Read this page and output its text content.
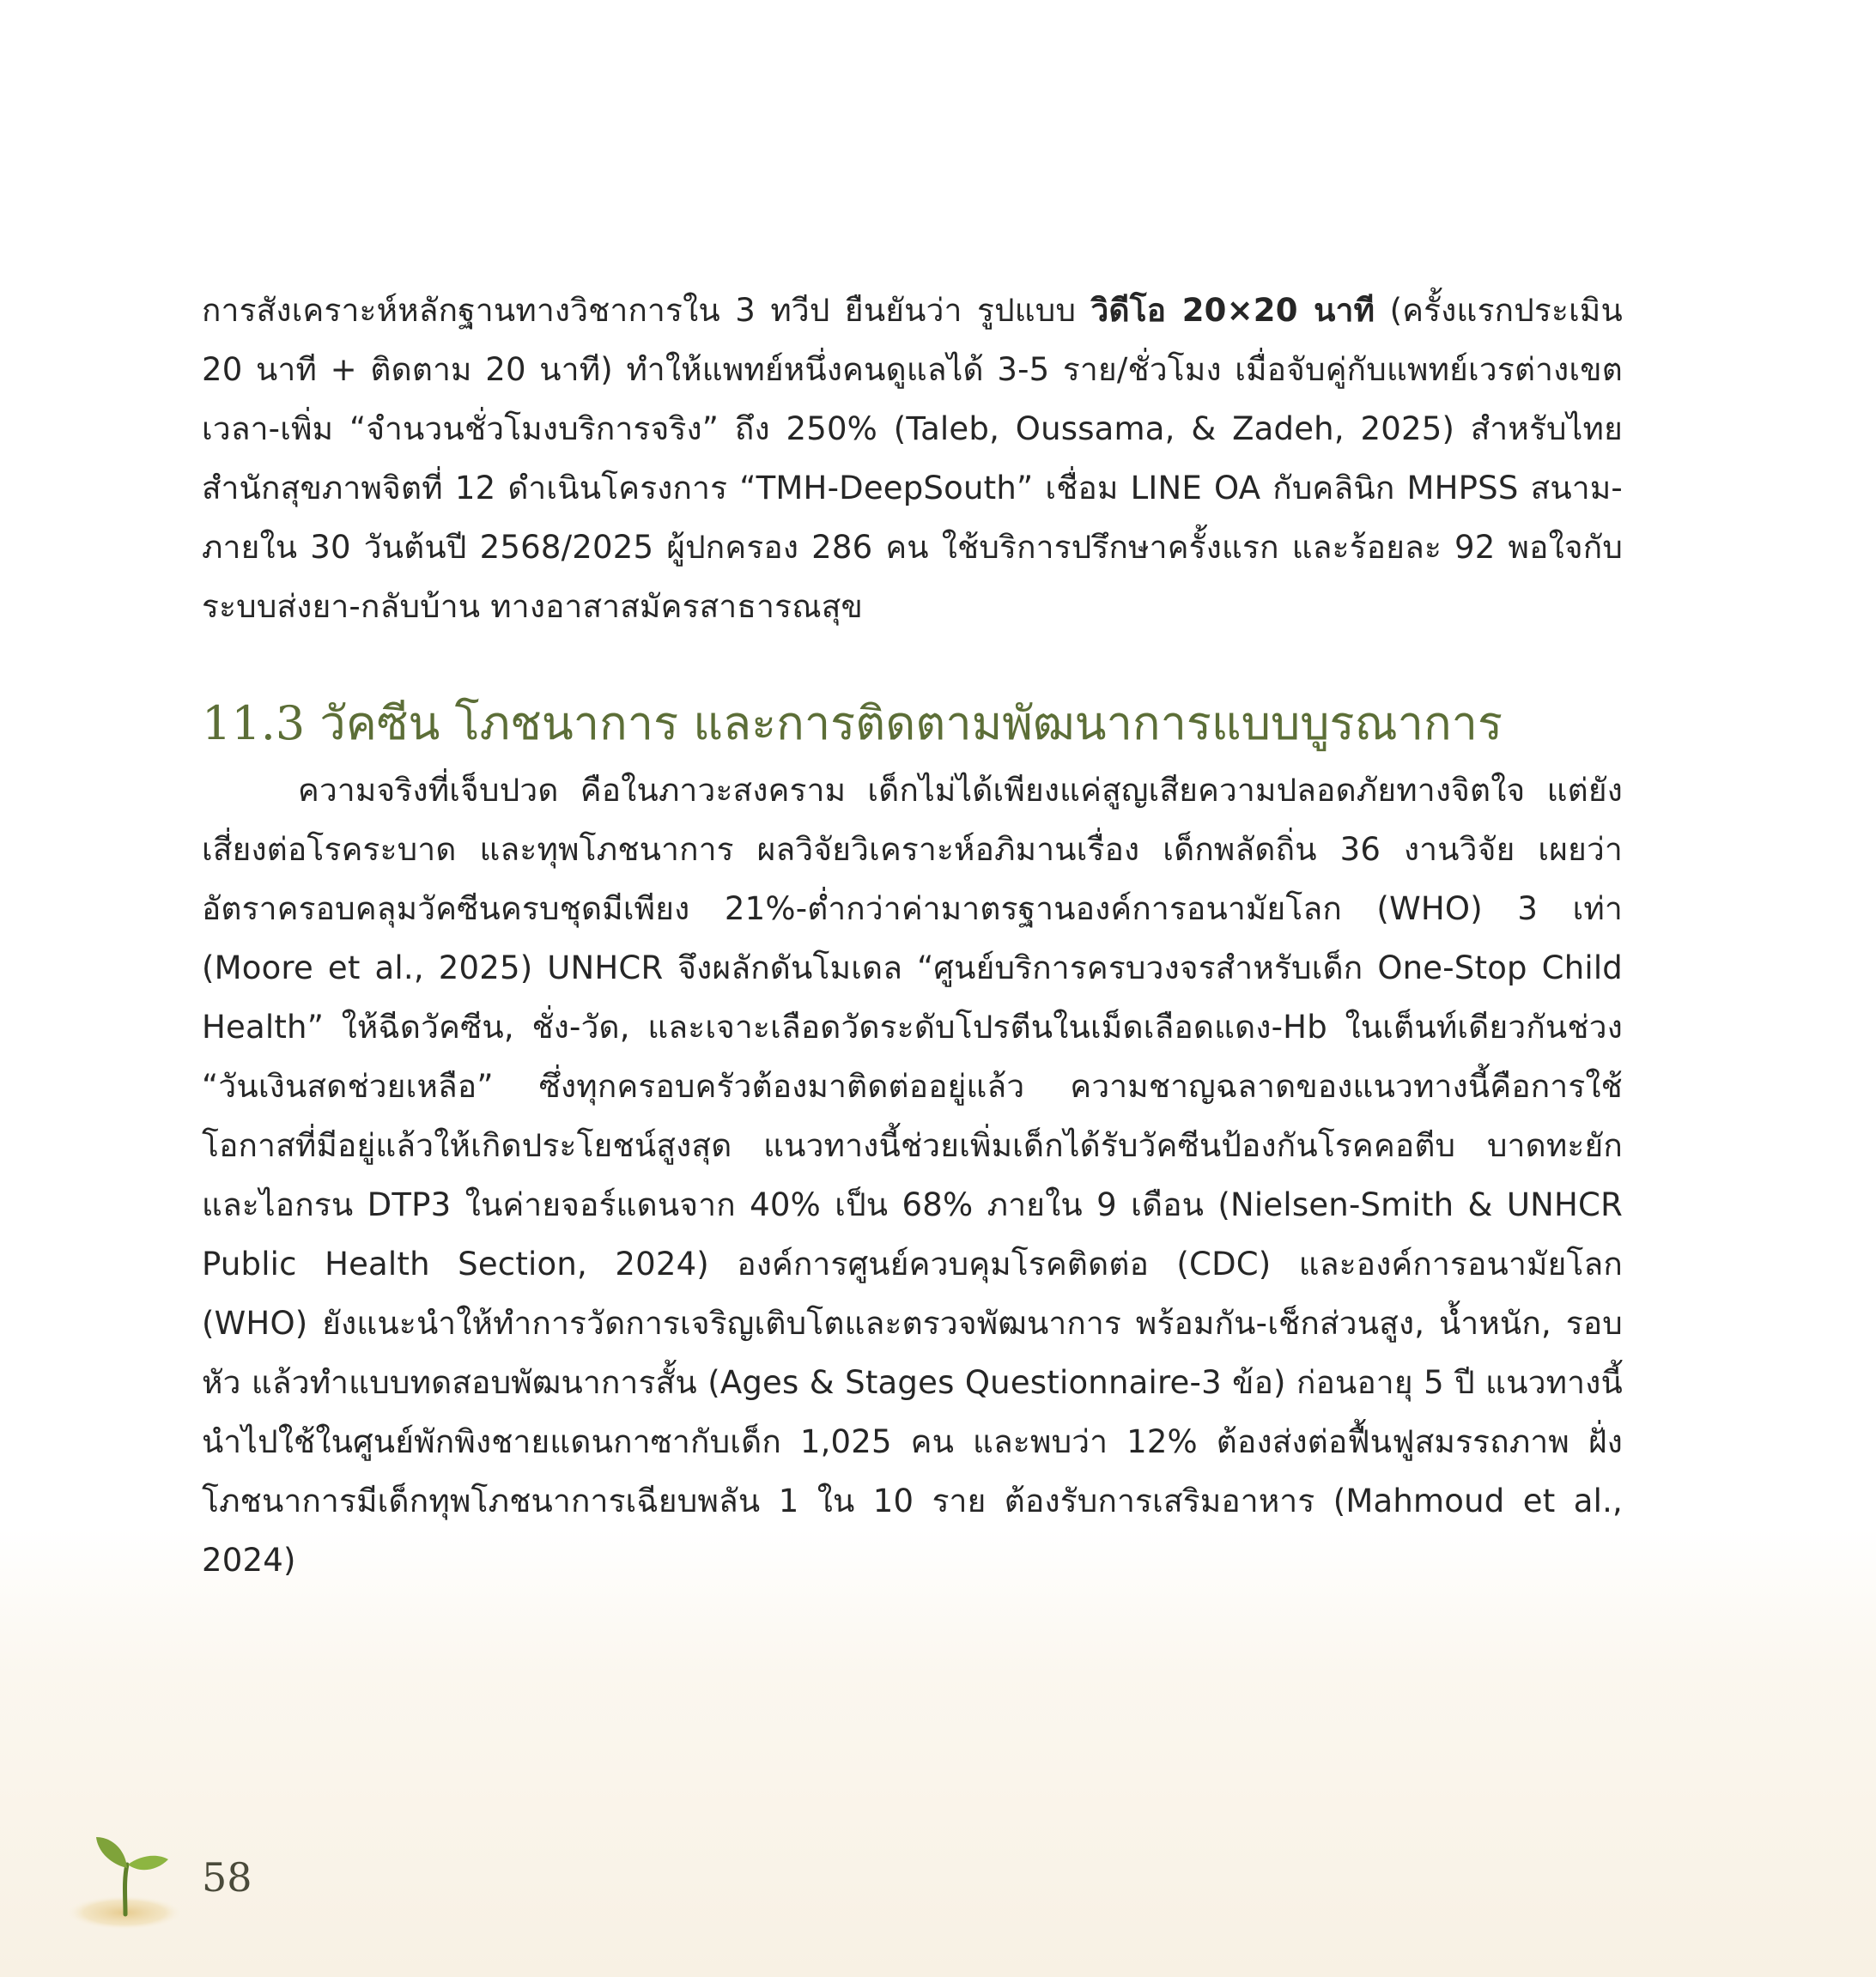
การสังเคราะห์หลักฐานทางวิชาการใน 3 ทวีป ยืนยันว่า รูปแบบ วิดีโอ 20×20 นาที (ครั้งแรกประเมิน 20 นาที + ติดตาม 20 นาที) ทำให้แพทย์หนึ่งคนดูแลได้ 3-5 ราย/ชั่วโมง เมื่อจับคู่กับแพทย์เวรต่างเขตเวลา-เพิ่ม “จำนวนชั่วโมงบริการจริง” ถึง 250% (Taleb, Oussama, & Zadeh, 2025) สำหรับไทย สำนักสุขภาพจิตที่ 12 ดำเนินโครงการ “TMH-DeepSouth” เชื่อม LINE OA กับคลินิก MHPSS สนาม-ภายใน 30 วันต้นปี 2568/2025 ผู้ปกครอง 286 คน ใช้บริการปรึกษาครั้งแรก และร้อยละ 92 พอใจกับระบบส่งยา-กลับบ้าน ทางอาสาสมัครสาธารณสุข

11.3 วัคซีน โภชนาการ และการติดตามพัฒนาการแบบบูรณาการ

ความจริงที่เจ็บปวด คือในภาวะสงคราม เด็กไม่ได้เพียงแค่สูญเสียความปลอดภัยทางจิตใจ แต่ยังเสี่ยงต่อโรคระบาด และทุพโภชนาการ ผลวิจัยวิเคราะห์อภิมานเรื่อง เด็กพลัดถิ่น 36 งานวิจัย เผยว่า อัตราครอบคลุมวัคซีนครบชุดมีเพียง 21%-ต่ำกว่าค่ามาตรฐานองค์การอนามัยโลก (WHO) 3 เท่า (Moore et al., 2025) UNHCR จึงผลักดันโมเดล “ศูนย์บริการครบวงจรสำหรับเด็ก One-Stop Child Health” ให้ฉีดวัคซีน, ชั่ง-วัด, และเจาะเลือดวัดระดับโปรตีนในเม็ดเลือดแดง-Hb ในเต็นท์เดียวกันช่วง “วันเงินสดช่วยเหลือ” ซึ่งทุกครอบครัวต้องมาติดต่ออยู่แล้ว ความชาญฉลาดของแนวทางนี้คือการใช้โอกาสที่มีอยู่แล้วให้เกิดประโยชน์สูงสุด แนวทางนี้ช่วยเพิ่มเด็กได้รับวัคซีนป้องกันโรคคอตีบ บาดทะยัก และไอกรน DTP3 ในค่ายจอร์แดนจาก 40% เป็น 68% ภายใน 9 เดือน (Nielsen-Smith & UNHCR Public Health Section, 2024) องค์การศูนย์ควบคุมโรคติดต่อ (CDC) และองค์การอนามัยโลก (WHO) ยังแนะนำให้ทำการวัดการเจริญเติบโตและตรวจพัฒนาการ พร้อมกัน-เช็กส่วนสูง, น้ำหนัก, รอบหัว แล้วทำแบบทดสอบพัฒนาการสั้น (Ages & Stages Questionnaire-3 ข้อ) ก่อนอายุ 5 ปี แนวทางนี้นำไปใช้ในศูนย์พักพิงชายแดนกาซากับเด็ก 1,025 คน และพบว่า 12% ต้องส่งต่อฟื้นฟูสมรรถภาพ ฝั่งโภชนาการมีเด็กทุพโภชนาการเฉียบพลัน 1 ใน 10 ราย ต้องรับการเสริมอาหาร (Mahmoud et al., 2024)

58
